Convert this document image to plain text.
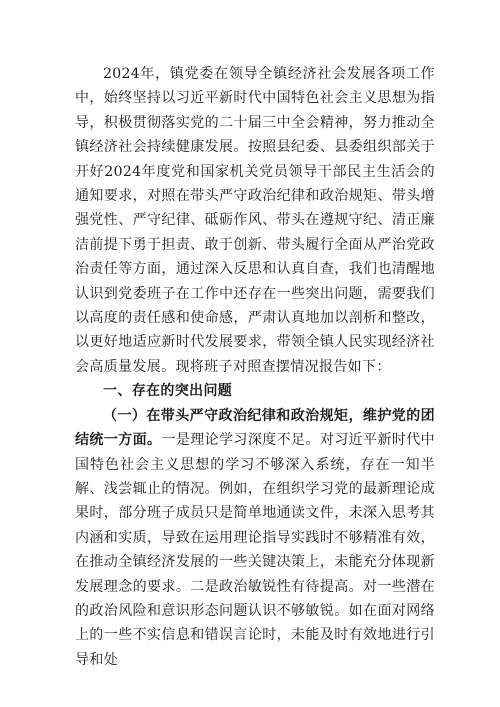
2024年，镇党委在领导全镇经济社会发展各项工作中，始终坚持以习近平新时代中国特色社会主义思想为指导，积极贯彻落实党的二十届三中全会精神，努力推动全镇经济社会持续健康发展。按照县纪委、县委组织部关于开好2024年度党和国家机关党员领导干部民主生活会的通知要求，对照在带头严守政治纪律和政治规矩、带头增强党性、严守纪律、砥砺作风、带头在遵规守纪、清正廉洁前提下勇于担责、敢于创新、带头履行全面从严治党政治责任等方面，通过深入反思和认真自查，我们也清醒地认识到党委班子在工作中还存在一些突出问题，需要我们以高度的责任感和使命感，严肃认真地加以剖析和整改，以更好地适应新时代发展要求，带领全镇人民实现经济社会高质量发展。现将班子对照查摆情况报告如下：

一、存在的突出问题

（一）在带头严守政治纪律和政治规矩，维护党的团结统一方面。一是理论学习深度不足。对习近平新时代中国特色社会主义思想的学习不够深入系统，存在一知半解、浅尝辄止的情况。例如，在组织学习党的最新理论成果时，部分班子成员只是简单地通读文件，未深入思考其内涵和实质，导致在运用理论指导实践时不够精准有效，在推动全镇经济发展的一些关键决策上，未能充分体现新发展理念的要求。二是政治敏锐性有待提高。对一些潜在的政治风险和意识形态问题认识不够敏锐。如在面对网络上的一些不实信息和错误言论时，未能及时有效地进行引导和处
